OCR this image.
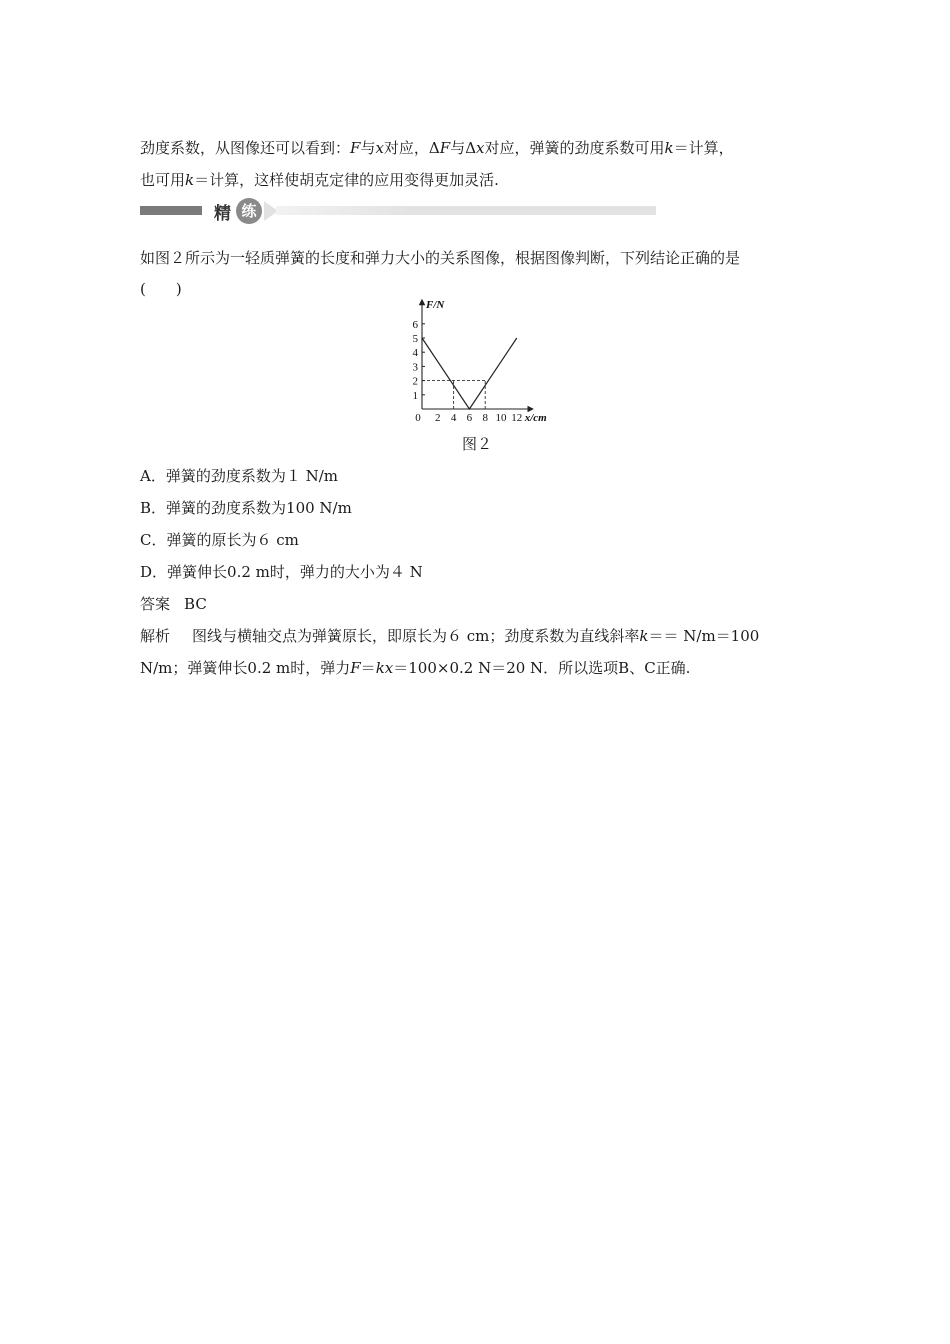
劲度系数，从图像还可以看到：F与x对应，ΔF与Δx对应，弹簧的劲度系数可用k＝计算，
也可用k＝计算，这样使胡克定律的应用变得更加灵活.
精 练
如图２所示为一轻质弹簧的长度和弹力大小的关系图像，根据图像判断，下列结论正确的是
(　　)
1
2
3
4
5
6
0 2 4 6 8 10 12
F/N
x/cm
图２
A．弹簧的劲度系数为１ N/m
B．弹簧的劲度系数为100 N/m
C．弹簧的原长为６ cm
D．弹簧伸长0.2 m时，弹力的大小为４ N
答案 BC
解析 图线与横轴交点为弹簧原长，即原长为６ cm；劲度系数为直线斜率k＝＝ N/m＝100
N/m；弹簧伸长0.2 m时，弹力F＝kx＝100×0.2 N＝20 N．所以选项B、C正确.
